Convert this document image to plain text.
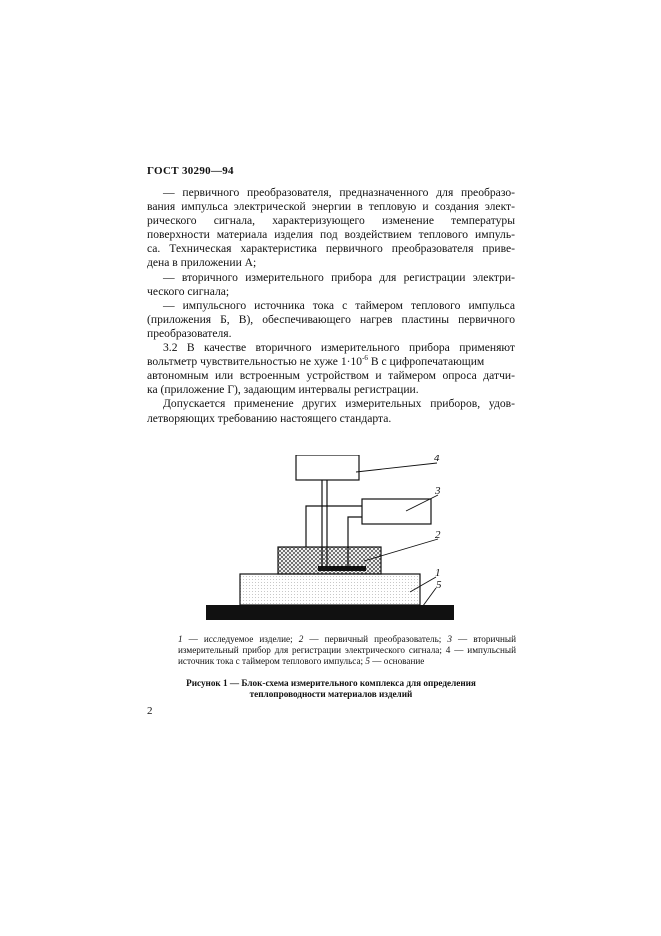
ГОСТ 30290—94
— первичного преобразователя, предназначенного для преобразо-
вания импульса электрической энергии в тепловую и создания элект-
рического сигнала, характеризующего изменение температуры
поверхности материала изделия под воздействием теплового импуль-
са. Техническая характеристика первичного преобразователя приве-
дена в приложении А;
— вторичного измерительного прибора для регистрации электри-
ческого сигнала;
— импульсного источника тока с таймером теплового импульса
(приложения Б, В), обеспечивающего нагрев пластины первичного
преобразователя.
3.2 В качестве вторичного измерительного прибора применяют
вольтметр чувствительностью не хуже $1\cdot 10^{-6}$ В с цифропечатающим
автономным или встроенным устройством и таймером опроса датчи-
ка (приложение Г), задающим интервалы регистрации.
Допускается применение других измерительных приборов, удов-
летворяющих требованию настоящего стандарта.
4
3
2
1
5
1 — исследуемое изделие; 2 — первичный преобразователь; 3 — вторичный
измерительный прибор для регистрации электрического сигнала; 4 — импульсный
источник тока с таймером теплового импульса; 5 — основание
Рисунок 1 — Блок-схема измерительного комплекса для определения
теплопроводности материалов изделий
2
